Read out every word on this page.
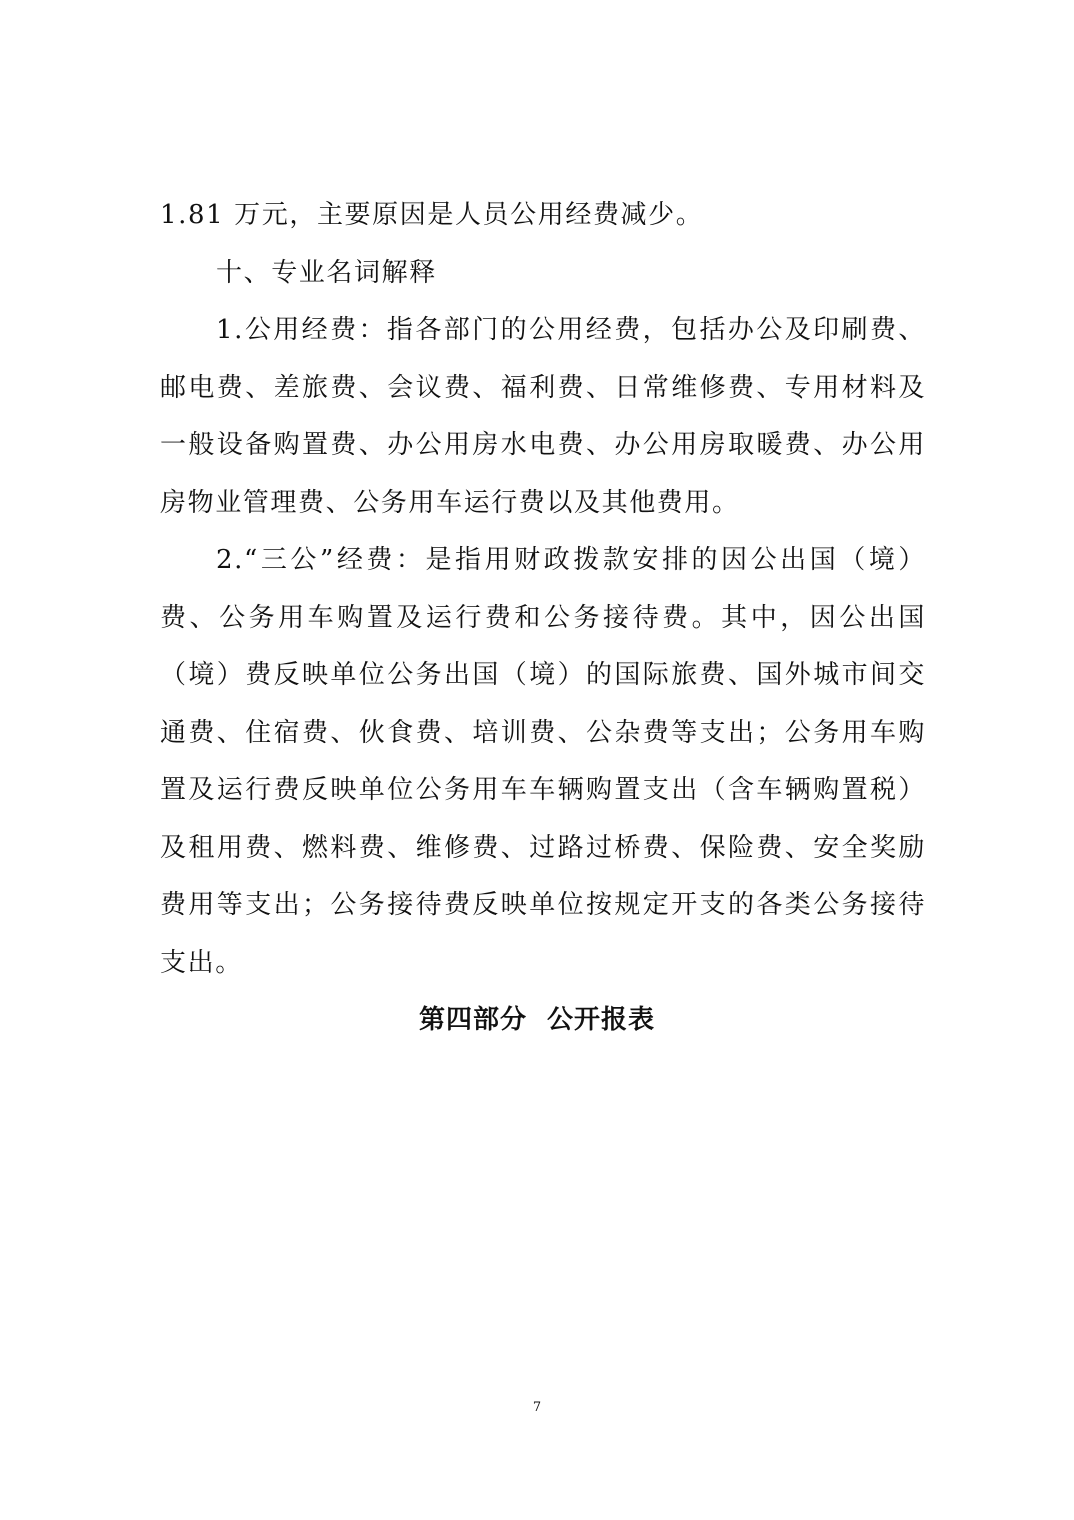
1.81 万元，主要原因是人员公用经费减少。

十、专业名词解释

1.公用经费：指各部门的公用经费，包括办公及印刷费、邮电费、差旅费、会议费、福利费、日常维修费、专用材料及一般设备购置费、办公用房水电费、办公用房取暖费、办公用房物业管理费、公务用车运行费以及其他费用。

2.“三公”经费：是指用财政拨款安排的因公出国（境）费、公务用车购置及运行费和公务接待费。其中，因公出国（境）费反映单位公务出国（境）的国际旅费、国外城市间交通费、住宿费、伙食费、培训费、公杂费等支出；公务用车购置及运行费反映单位公务用车车辆购置支出（含车辆购置税）及租用费、燃料费、维修费、过路过桥费、保险费、安全奖励费用等支出；公务接待费反映单位按规定开支的各类公务接待支出。

第四部分  公开报表
7
